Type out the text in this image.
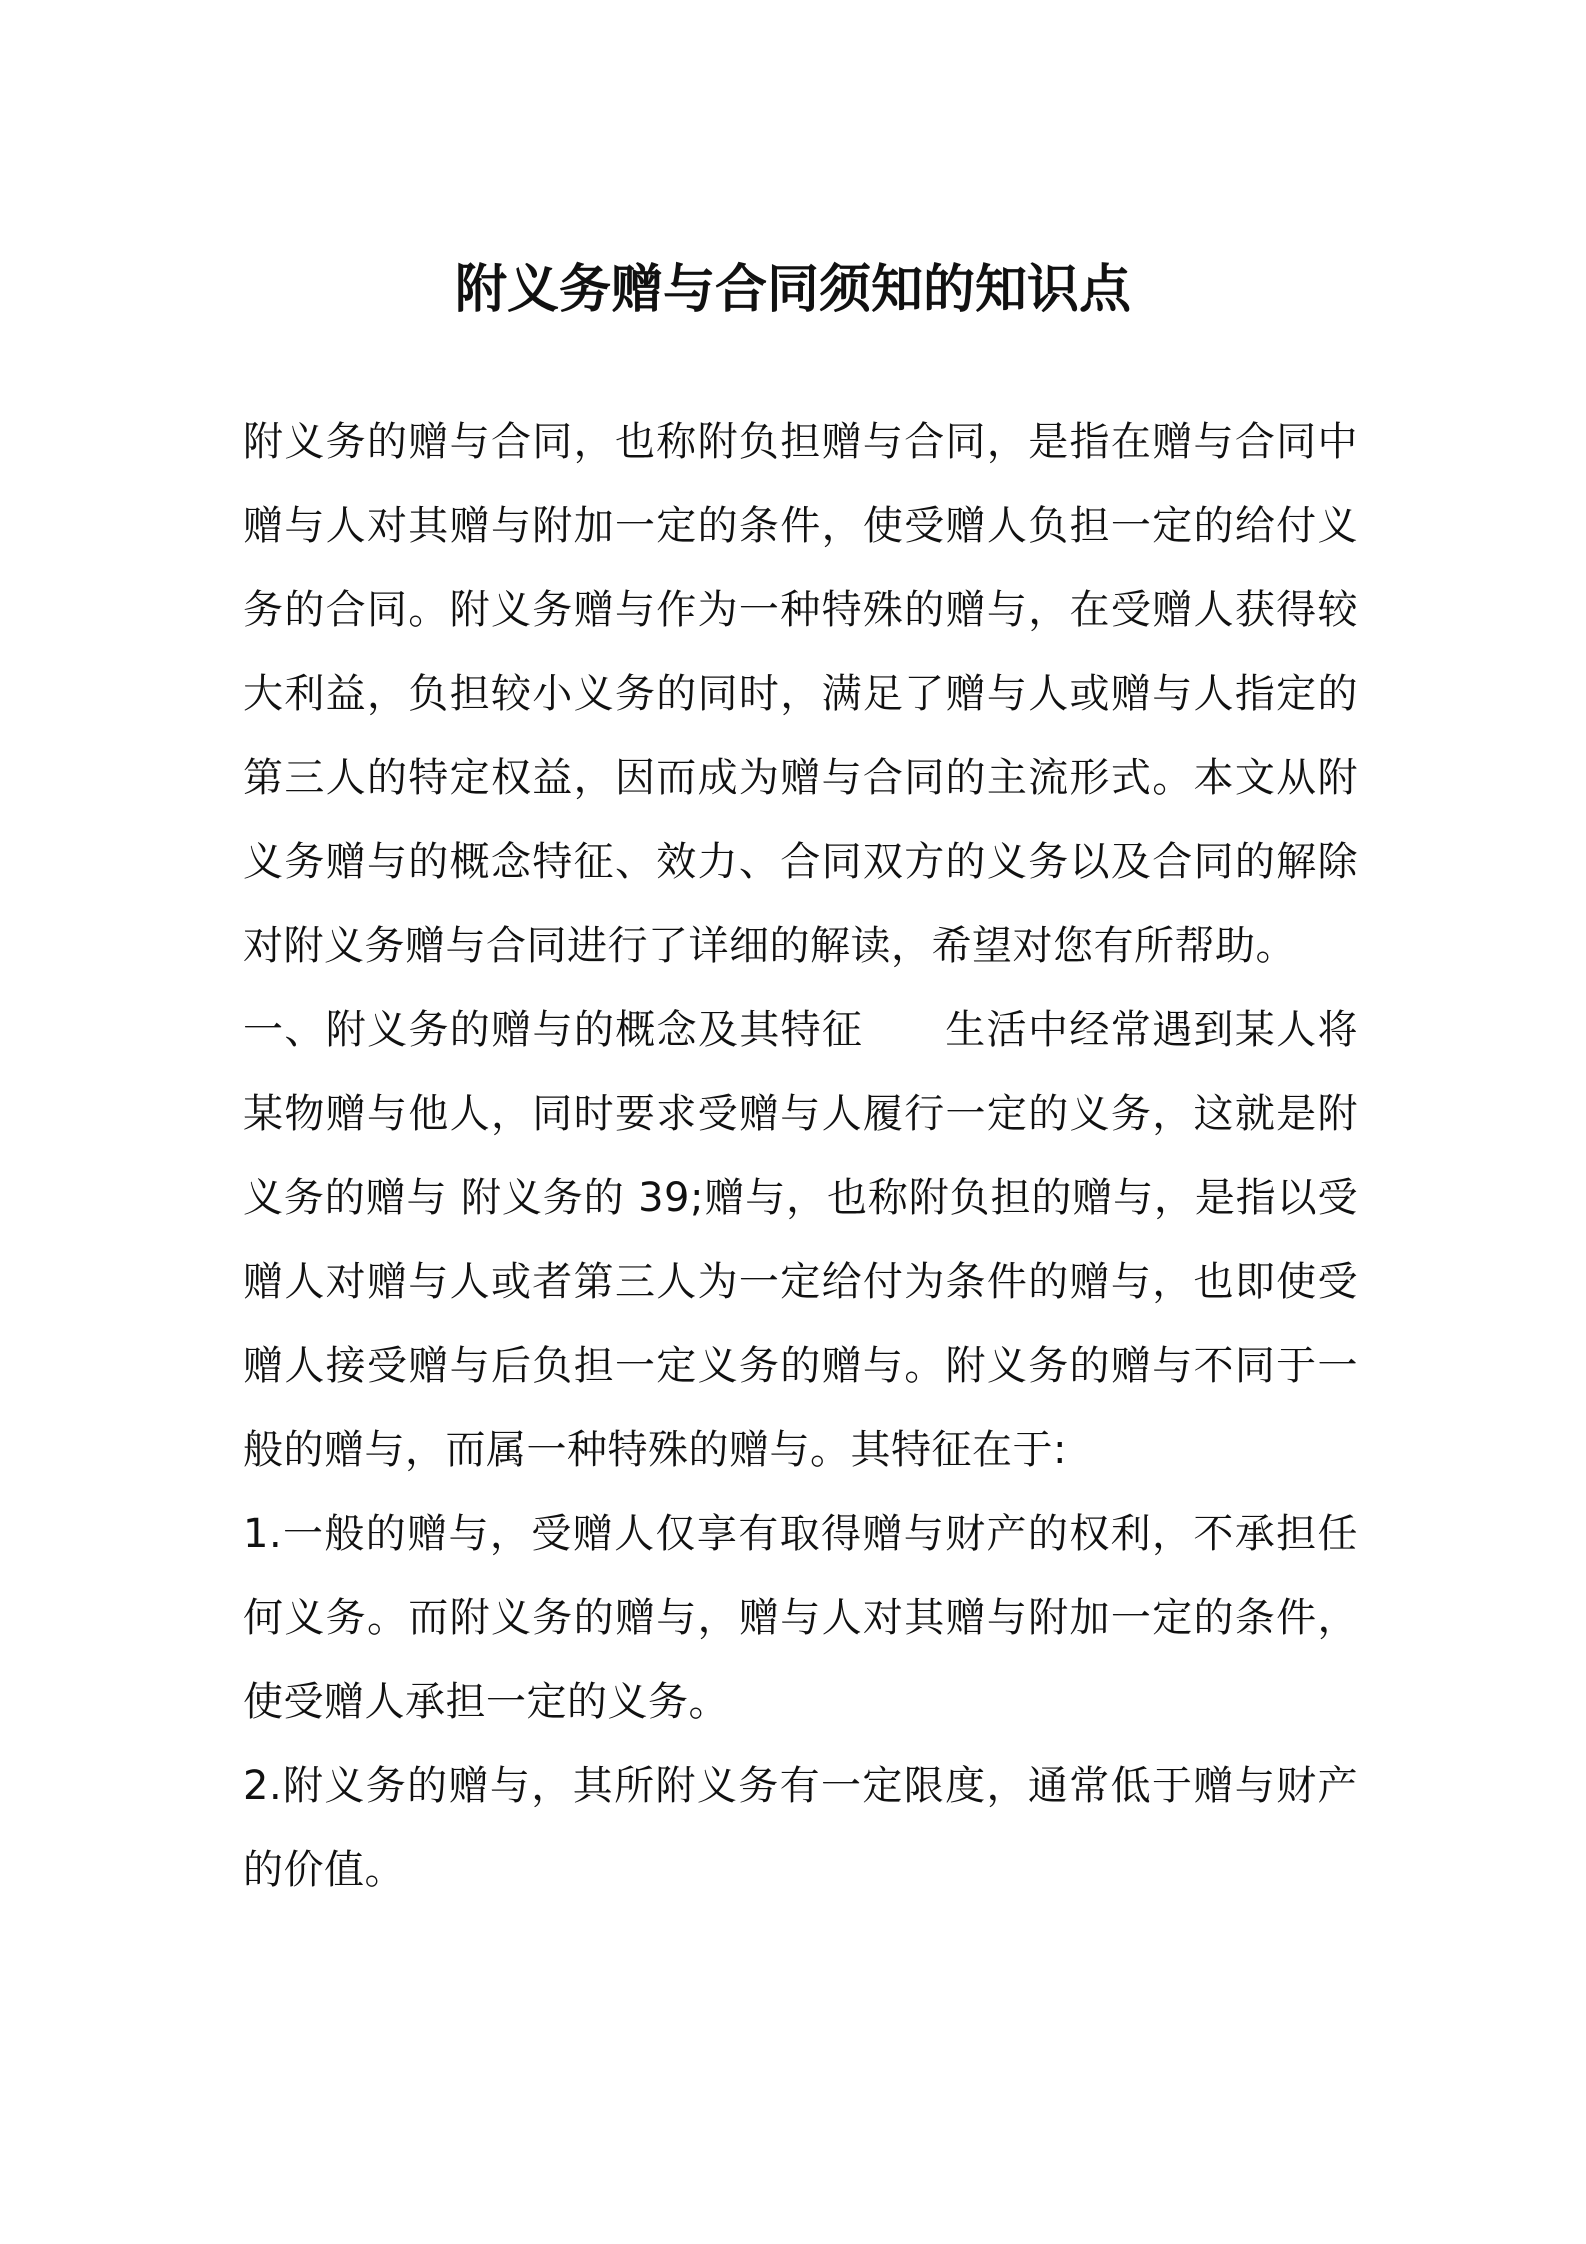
附义务赠与合同须知的知识点

附义务的赠与合同，也称附负担赠与合同，是指在赠与合同中赠与人对其赠与附加一定的条件，使受赠人负担一定的给付义务的合同。附义务赠与作为一种特殊的赠与，在受赠人获得较大利益，负担较小义务的同时，满足了赠与人或赠与人指定的第三人的特定权益，因而成为赠与合同的主流形式。本文从附义务赠与的概念特征、效力、合同双方的义务以及合同的解除对附义务赠与合同进行了详细的解读，希望对您有所帮助。

一、附义务的赠与的概念及其特征   生活中经常遇到某人将某物赠与他人，同时要求受赠与人履行一定的义务，这就是附义务的赠与 附义务的 39;赠与，也称附负担的赠与，是指以受赠人对赠与人或者第三人为一定给付为条件的赠与，也即使受赠人接受赠与后负担一定义务的赠与。附义务的赠与不同于一般的赠与，而属一种特殊的赠与。其特征在于:

1.一般的赠与，受赠人仅享有取得赠与财产的权利，不承担任何义务。而附义务的赠与，赠与人对其赠与附加一定的条件，使受赠人承担一定的义务。

2.附义务的赠与，其所附义务有一定限度，通常低于赠与财产的价值。
